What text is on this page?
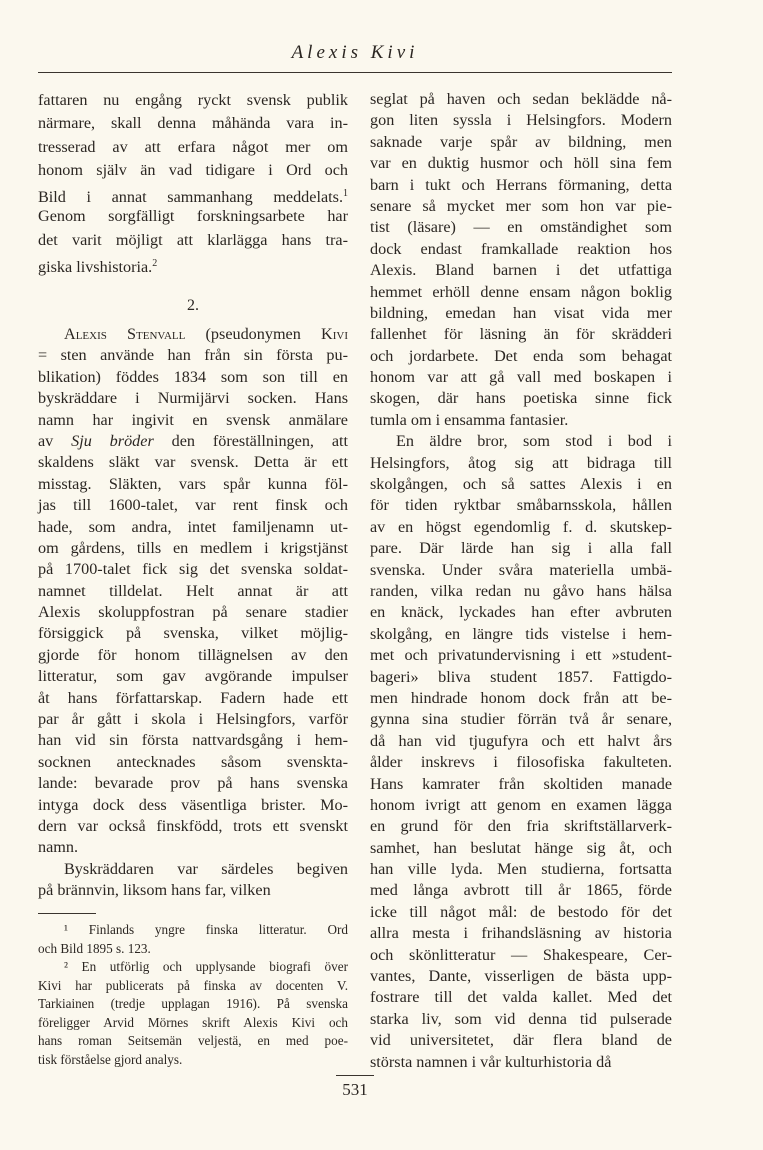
Alexis Kivi
fattaren nu engång ryckt svensk publik
närmare, skall denna måhända vara in-
tresserad av att erfara något mer om
honom själv än vad tidigare i Ord och
Bild i annat sammanhang meddelats.$^1$
Genom sorgfälligt forskningsarbete har
det varit möjligt att klarlägga hans tra-
giska livshistoria.$^2$
2.
Alexis Stenvall (pseudonymen Kivi
= sten använde han från sin första pu-
blikation) föddes 1834 som son till en
byskräddare i Nurmijärvi socken. Hans
namn har ingivit en svensk anmälare
av Sju bröder den föreställningen, att
skaldens släkt var svensk. Detta är ett
misstag. Släkten, vars spår kunna föl-
jas till 1600-talet, var rent finsk och
hade, som andra, intet familjenamn ut-
om gårdens, tills en medlem i krigstjänst
på 1700-talet fick sig det svenska soldat-
namnet tilldelat. Helt annat är att
Alexis skoluppfostran på senare stadier
försiggick på svenska, vilket möjlig-
gjorde för honom tillägnelsen av den
litteratur, som gav avgörande impulser
åt hans författarskap. Fadern hade ett
par år gått i skola i Helsingfors, varför
han vid sin första nattvardsgång i hem-
socknen antecknades såsom svenskta-
lande: bevarade prov på hans svenska
intyga dock dess väsentliga brister. Mo-
dern var också finskfödd, trots ett svenskt
namn.
Byskräddaren var särdeles begiven
på brännvin, liksom hans far, vilken
¹ Finlands yngre finska litteratur. Ord
och Bild 1895 s. 123.
² En utförlig och upplysande biografi över
Kivi har publicerats på finska av docenten V.
Tarkiainen (tredje upplagan 1916). På svenska
föreligger Arvid Mörnes skrift Alexis Kivi och
hans roman Seitsemän veljestä, en med poe-
tisk förståelse gjord analys.
seglat på haven och sedan beklädde nå-
gon liten syssla i Helsingfors. Modern
saknade varje spår av bildning, men
var en duktig husmor och höll sina fem
barn i tukt och Herrans förmaning, detta
senare så mycket mer som hon var pie-
tist (läsare) — en omständighet som
dock endast framkallade reaktion hos
Alexis. Bland barnen i det utfattiga
hemmet erhöll denne ensam någon boklig
bildning, emedan han visat vida mer
fallenhet för läsning än för skrädderi
och jordarbete. Det enda som behagat
honom var att gå vall med boskapen i
skogen, där hans poetiska sinne fick
tumla om i ensamma fantasier.
En äldre bror, som stod i bod i
Helsingfors, åtog sig att bidraga till
skolgången, och så sattes Alexis i en
för tiden ryktbar småbarnsskola, hållen
av en högst egendomlig f. d. skutskep-
pare. Där lärde han sig i alla fall
svenska. Under svåra materiella umbä-
randen, vilka redan nu gåvo hans hälsa
en knäck, lyckades han efter avbruten
skolgång, en längre tids vistelse i hem-
met och privatundervisning i ett »student-
bageri» bliva student 1857. Fattigdo-
men hindrade honom dock från att be-
gynna sina studier förrän två år senare,
då han vid tjugufyra och ett halvt års
ålder inskrevs i filosofiska fakulteten.
Hans kamrater från skoltiden manade
honom ivrigt att genom en examen lägga
en grund för den fria skriftställarverk-
samhet, han beslutat hänge sig åt, och
han ville lyda. Men studierna, fortsatta
med långa avbrott till år 1865, förde
icke till något mål: de bestodo för det
allra mesta i frihandsläsning av historia
och skönlitteratur — Shakespeare, Cer-
vantes, Dante, visserligen de bästa upp-
fostrare till det valda kallet. Med det
starka liv, som vid denna tid pulserade
vid universitetet, där flera bland de
största namnen i vår kulturhistoria då
531
